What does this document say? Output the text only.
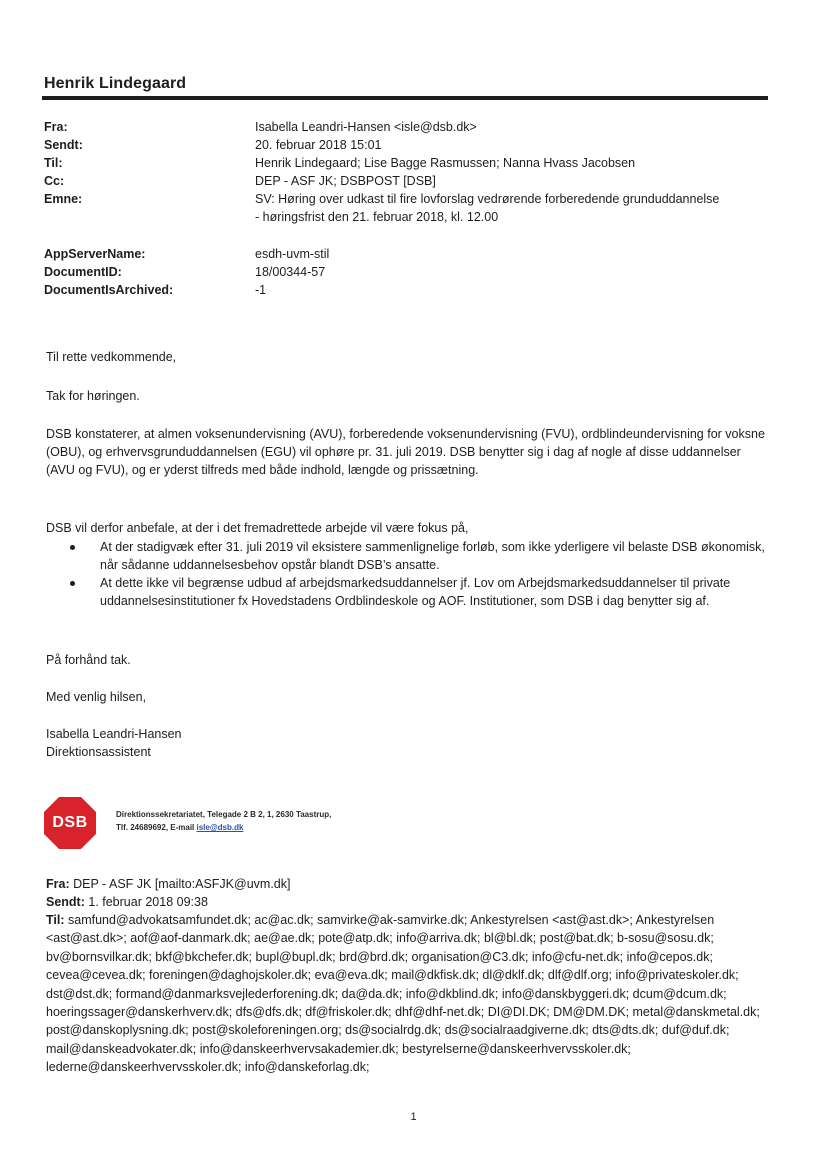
Henrik Lindegaard
Fra:	Isabella Leandri-Hansen <isle@dsb.dk>
Sendt:	20. februar 2018 15:01
Til:	Henrik Lindegaard; Lise Bagge Rasmussen; Nanna Hvass Jacobsen
Cc:	DEP - ASF JK; DSBPOST [DSB]
Emne:	SV: Høring over udkast til fire lovforslag vedrørende forberedende grunduddannelse - høringsfrist den 21. februar 2018, kl. 12.00
AppServerName:	esdh-uvm-stil
DocumentID:	18/00344-57
DocumentIsArchived:	-1
Til rette vedkommende,
Tak for høringen.
DSB konstaterer, at almen voksenundervisning (AVU), forberedende voksenundervisning (FVU), ordblindeundervisning for voksne (OBU), og erhvervsgrunduddannelsen (EGU) vil ophøre pr. 31. juli 2019. DSB benytter sig i dag af nogle af disse uddannelser (AVU og FVU), og er yderst tilfreds med både indhold, længde og prissætning.
DSB vil derfor anbefale, at der i det fremadrettede arbejde vil være fokus på,
At der stadigvæk efter 31. juli 2019 vil eksistere sammenlignelige forløb, som ikke yderligere vil belaste DSB økonomisk, når sådanne uddannelsesbehov opstår blandt DSB’s ansatte.
At dette ikke vil begrænse udbud af arbejdsmarkedsuddannelser jf. Lov om Arbejdsmarkedsuddannelser til private uddannelsesinstitutioner fx Hovedstadens Ordblindeskole og AOF. Institutioner, som DSB i dag benytter sig af.
På forhånd tak.
Med venlig hilsen,
Isabella Leandri-Hansen
Direktionsassistent
DSB	Direktionssekretariatet, Telegade 2 B 2, 1, 2630 Taastrup,
Tlf. 24689692, E-mail isle@dsb.dk
Fra: DEP - ASF JK [mailto:ASFJK@uvm.dk]
Sendt: 1. februar 2018 09:38
Til: samfund@advokatsamfundet.dk; ac@ac.dk; samvirke@ak-samvirke.dk; Ankestyrelsen <ast@ast.dk>; Ankestyrelsen <ast@ast.dk>; aof@aof-danmark.dk; ae@ae.dk; pote@atp.dk; info@arriva.dk; bl@bl.dk; post@bat.dk; b-sosu@sosu.dk; bv@bornsvilkar.dk; bkf@bkchefer.dk; bupl@bupl.dk; brd@brd.dk; organisation@C3.dk; info@cfu-net.dk; info@cepos.dk; cevea@cevea.dk; foreningen@daghojskoler.dk; eva@eva.dk; mail@dkfisk.dk; dl@dklf.dk; dlf@dlf.org; info@privateskoler.dk; dst@dst.dk; formand@danmarksvejlederforening.dk; da@da.dk; info@dkblind.dk; info@danskbyggeri.dk; dcum@dcum.dk; hoeringssager@danskerhverv.dk; dfs@dfs.dk; df@friskoler.dk; dhf@dhf-net.dk; DI@DI.DK; DM@DM.DK; metal@danskmetal.dk; post@danskoplysning.dk; post@skoleforeningen.org; ds@socialrdg.dk; ds@socialraadgiverne.dk; dts@dts.dk; duf@duf.dk; mail@danskeadvokater.dk; info@danskeerhvervsakademier.dk; bestyrelserne@danskeerhvervsskoler.dk; lederne@danskeerhvervsskoler.dk; info@danskeforlag.dk;
1
